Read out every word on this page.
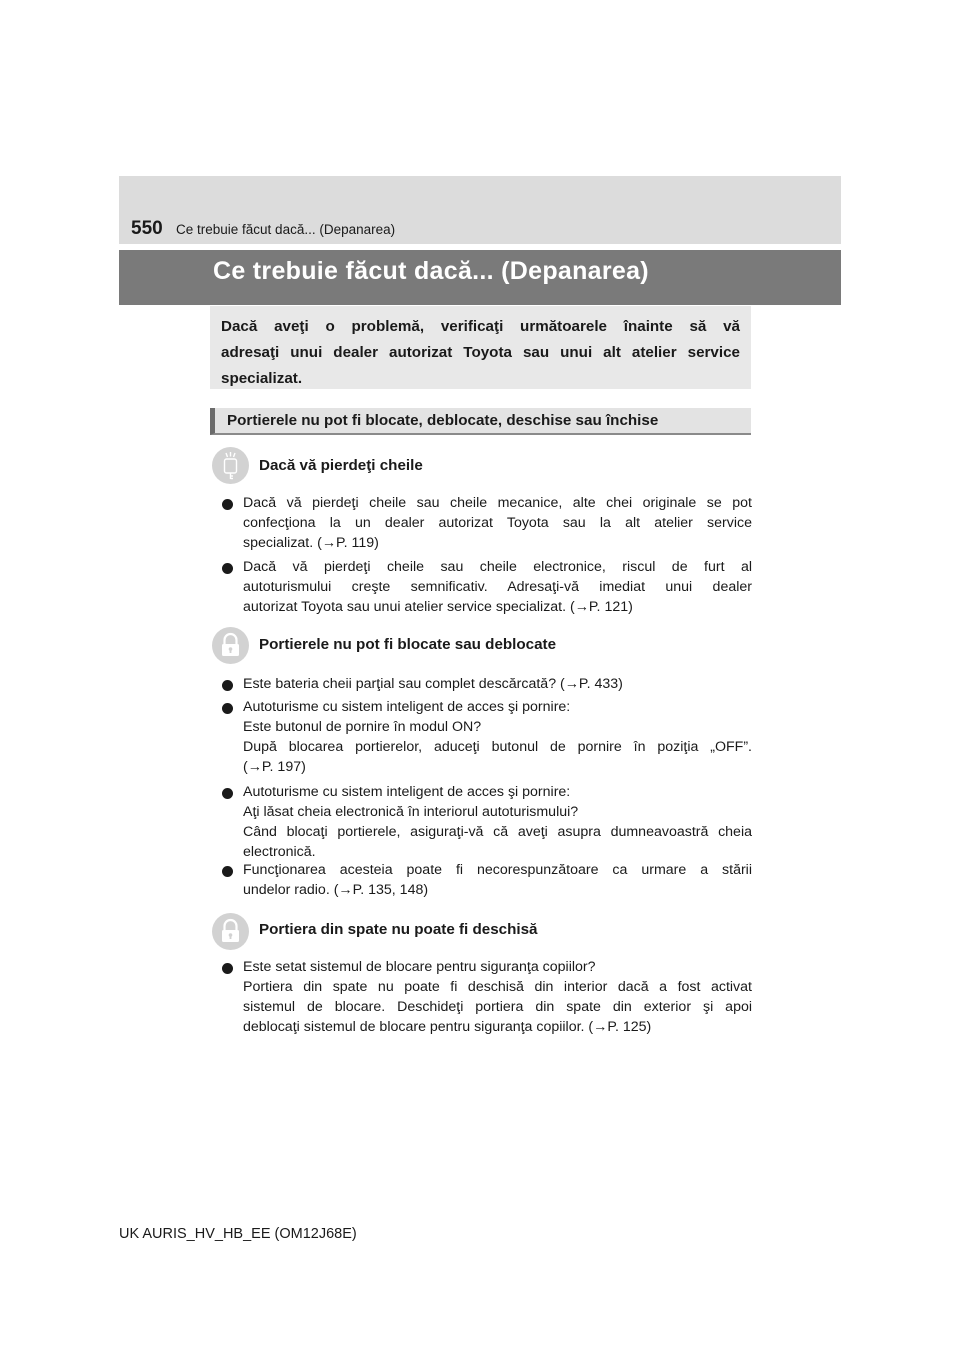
550 Ce trebuie făcut dacă... (Depanarea)
Ce trebuie făcut dacă... (Depanarea)
Dacă aveţi o problemă, verificaţi următoarele înainte să vă
adresaţi unui dealer autorizat Toyota sau unui alt atelier service
specializat.
Portierele nu pot fi blocate, deblocate, deschise sau închise
Dacă vă pierdeţi cheile
Dacă vă pierdeţi cheile sau cheile mecanice, alte chei originale se pot
confecţiona la un dealer autorizat Toyota sau la alt atelier service
specializat. (→P. 119)
Dacă vă pierdeţi cheile sau cheile electronice, riscul de furt al
autoturismului creşte semnificativ. Adresaţi-vă imediat unui dealer
autorizat Toyota sau unui atelier service specializat. (→P. 121)
Portierele nu pot fi blocate sau deblocate
Este bateria cheii parţial sau complet descărcată? (→P. 433)
Autoturisme cu sistem inteligent de acces şi pornire:
Este butonul de pornire în modul ON?
După blocarea portierelor, aduceţi butonul de pornire în poziţia „OFF”.
(→P. 197)
Autoturisme cu sistem inteligent de acces şi pornire:
Aţi lăsat cheia electronică în interiorul autoturismului?
Când blocaţi portierele, asiguraţi-vă că aveţi asupra dumneavoastră cheia
electronică.
Funcţionarea acesteia poate fi necorespunzătoare ca urmare a stării
undelor radio. (→P. 135, 148)
Portiera din spate nu poate fi deschisă
Este setat sistemul de blocare pentru siguranţa copiilor?
Portiera din spate nu poate fi deschisă din interior dacă a fost activat
sistemul de blocare. Deschideţi portiera din spate din exterior şi apoi
deblocaţi sistemul de blocare pentru siguranţa copiilor. (→P. 125)
UK AURIS_HV_HB_EE (OM12J68E)
